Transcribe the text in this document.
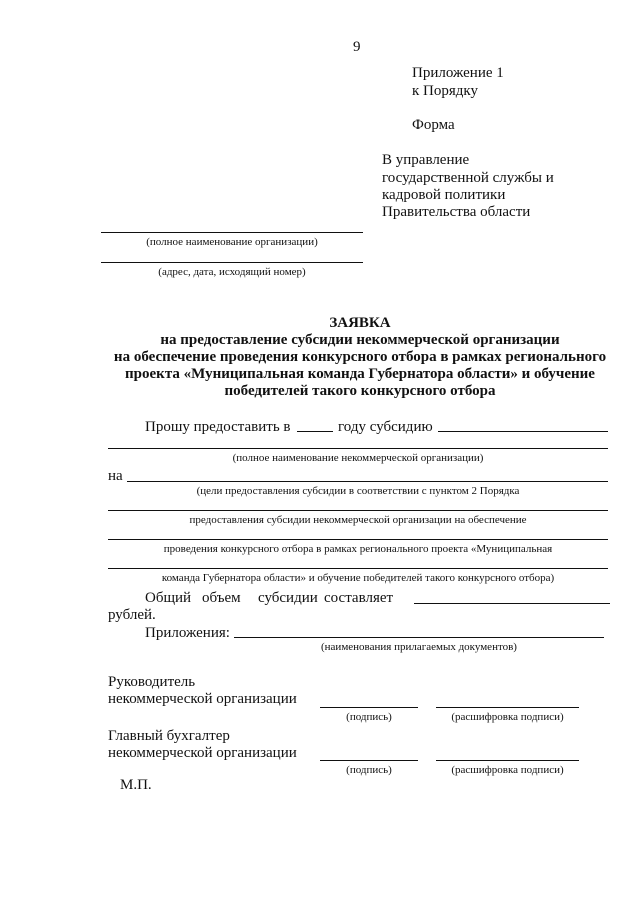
9
Приложение 1
к Порядку
Форма
В управление
государственной службы и
кадровой политики
Правительства области
(полное наименование организации)
(адрес, дата, исходящий номер)
ЗАЯВКА
на предоставление субсидии некоммерческой организации
на обеспечение проведения конкурсного отбора в рамках регионального
проекта «Муниципальная команда Губернатора области» и обучение
победителей такого конкурсного отбора
Прошу предоставить в	году субсидию
(полное наименование некоммерческой организации)
на
(цели предоставления субсидии в соответствии с пунктом 2 Порядка
предоставления субсидии некоммерческой организации на обеспечение
проведения конкурсного отбора в рамках регионального проекта «Муниципальная
команда Губернатора области» и обучение победителей такого конкурсного отбора)
Общий объем субсидии составляет
рублей.
Приложения:
(наименования прилагаемых документов)
Руководитель
некоммерческой организации
(подпись)	(расшифровка подписи)
Главный бухгалтер
некоммерческой организации
(подпись)	(расшифровка подписи)
М.П.
